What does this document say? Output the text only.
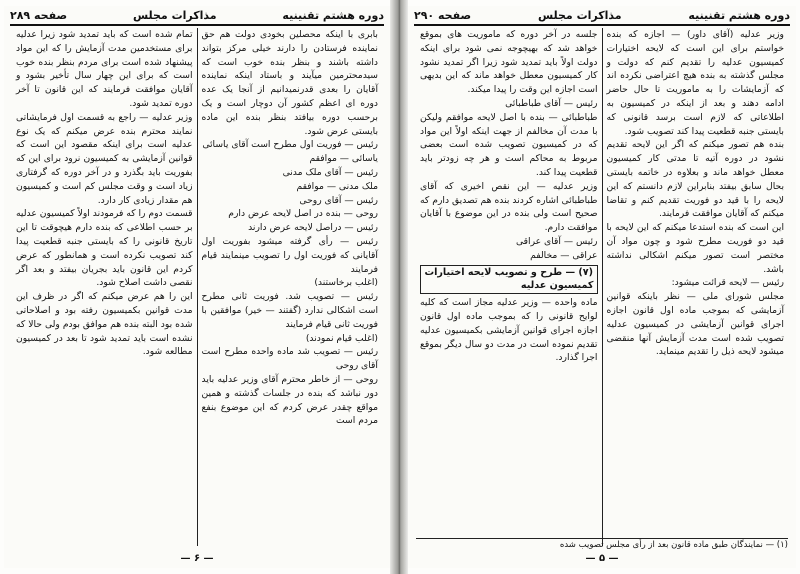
دوره هشتم تقنینیه
مذاکرات مجلس
صفحه ۲۹۰
وزیر عدلیه (آقای داور) — اجازه که بنده خواستم برای این است که لایحه اختیارات کمیسیون عدلیه را تقدیم کنم که دولت و مجلس گذشته به بنده هیچ اعتراضی نکرده اند که آزمایشات را به ماموریت تا حال حاضر ادامه دهند و بعد از اینکه در کمیسیون به اطلاعاتی که لازم است برسد قانونی که بایستی جنبه قطعیت پیدا کند تصویب شود.
بنده هم تصور میکنم که اگر این لایحه تقدیم نشود در دوره آتیه تا مدتی کار کمیسیون معطل خواهد ماند و بعلاوه در خاتمه بایستی بحال سابق بیفتد بنابراین لازم دانستم که این لایحه را با قید دو فوریت تقدیم کنم و تقاضا میکنم که آقایان موافقت فرمایند.
این است که بنده استدعا میکنم که این لایحه با قید دو فوریت مطرح شود و چون مواد آن مختصر است تصور میکنم اشکالی نداشته باشد.
رئیس — لایحه قرائت میشود:
مجلس شورای ملی — نظر باینکه قوانین آزمایشی که بموجب ماده اول قانون اجازه اجرای قوانین آزمایشی در کمیسیون عدلیه تصویب شده است مدت آزمایش آنها منقضی میشود لایحه ذیل را تقدیم مینماید.
جلسه در آخر دوره که ماموریت های بموقع خواهد شد که بهیچوجه نمی شود برای اینکه دولت اولاً باید تمدید شود زیرا اگر تمدید نشود کار کمیسیون معطل خواهد ماند که این بدیهی است اجازه این وقت را پیدا میکند.
رئیس — آقای طباطبائی
طباطبائی — بنده با اصل لایحه موافقم ولیکن با مدت آن مخالفم از جهت اینکه اولاً این مواد که در کمیسیون تصویب شده است بعضی مربوط به محاکم است و هر چه زودتر باید قطعیت پیدا کند.
وزیر عدلیه — این نقص اخیری که آقای طباطبائی اشاره کردند بنده هم تصدیق دارم که صحیح است ولی بنده در این موضوع با آقایان موافقت دارم.
رئیس — آقای عراقی
عراقی — مخالفم
(۷) — طرح و تصویب لایحه اختیارات کمیسیون عدلیه
ماده واحده — وزیر عدلیه مجاز است که کلیه لوایح قانونی را که بموجب ماده اول قانون اجازه اجرای قوانین آزمایشی بکمیسیون عدلیه تقدیم نموده است در مدت دو سال دیگر بموقع اجرا گذارد.
(۱) — نمایندگان طبق ماده قانون بعد از رأی مجلس تصویب شده
— ۵ —
دوره هشتم تقنینیه
مذاکرات مجلس
صفحه ۲۸۹
بابری با اینکه محصلین بخودی دولت هم حق نماینده فرستادن را دارند خیلی مرکز بتواند داشته باشند و بنظر بنده خوب است که سیدمحترمین میآیند و باستاد اینکه نماینده آقایان را بعدی قدرنمیدانیم از آنجا یک عده دوره ای اعظم کشور آن دوچار است و یک برحسب دوره بیافتد بنظر بنده این ماده بایستی عرض شود.
رئیس — فوریت اول مطرح است آقای یاسائی
یاسائی — موافقم
رئیس — آقای ملک مدنی
ملک مدنی — موافقم
رئیس — آقای روحی
روحی — بنده در اصل لایحه عرض دارم
رئیس — دراصل لایحه عرض دارند
رئیس — رأی گرفته میشود بفوریت اول آقایانی که فوریت اول را تصویب مینمایند قیام فرمایند
(اغلب برخاستند)
رئیس — تصویب شد. فوریت ثانی مطرح است اشکالی ندارد (گفتند — خیر) موافقین با فوریت ثانی قیام فرمایند
(اغلب قیام نمودند)
رئیس — تصویب شد ماده واحده مطرح است آقای روحی
روحی — از خاطر محترم آقای وزیر عدلیه باید دور نباشد که بنده در جلسات گذشته و همین مواقع چقدر عرض کردم که این موضوع بنفع مردم است
تمام شده است که باید تمدید شود زیرا عدلیه برای مستخدمین مدت آزمایش را که این مواد پیشنهاد شده است برای مردم بنظر بنده خوب است که برای این چهار سال تأخیر بشود و آقایان موافقت فرمایند که این قانون تا آخر دوره تمدید شود.
وزیر عدلیه — راجع به قسمت اول فرمایشاتی نمایند محترم بنده عرض میکنم که یک نوع عدلیه است برای اینکه مقصود این است که قوانین آزمایشی به کمیسیون نرود برای این که بفوریت باید بگذرد و در آخر دوره که گرفتاری زیاد است و وقت مجلس کم است و کمیسیون هم مقدار زیادی کار دارد.
قسمت دوم را که فرمودند اولاً کمیسیون عدلیه بر حسب اطلاعی که بنده دارم هیچوقت تا این تاریخ قانونی را که بایستی جنبه قطعیت پیدا کند تصویب نکرده است و همانطور که عرض کردم این قانون باید بجریان بیفتد و بعد اگر نقصی داشت اصلاح شود.
این را هم عرض میکنم که اگر در ظرف این مدت قوانین بکمیسیون رفته بود و اصلاحاتی شده بود البته بنده هم موافق بودم ولی حالا که نشده است باید تمدید شود تا بعد در کمیسیون مطالعه شود.
— ۶ —
